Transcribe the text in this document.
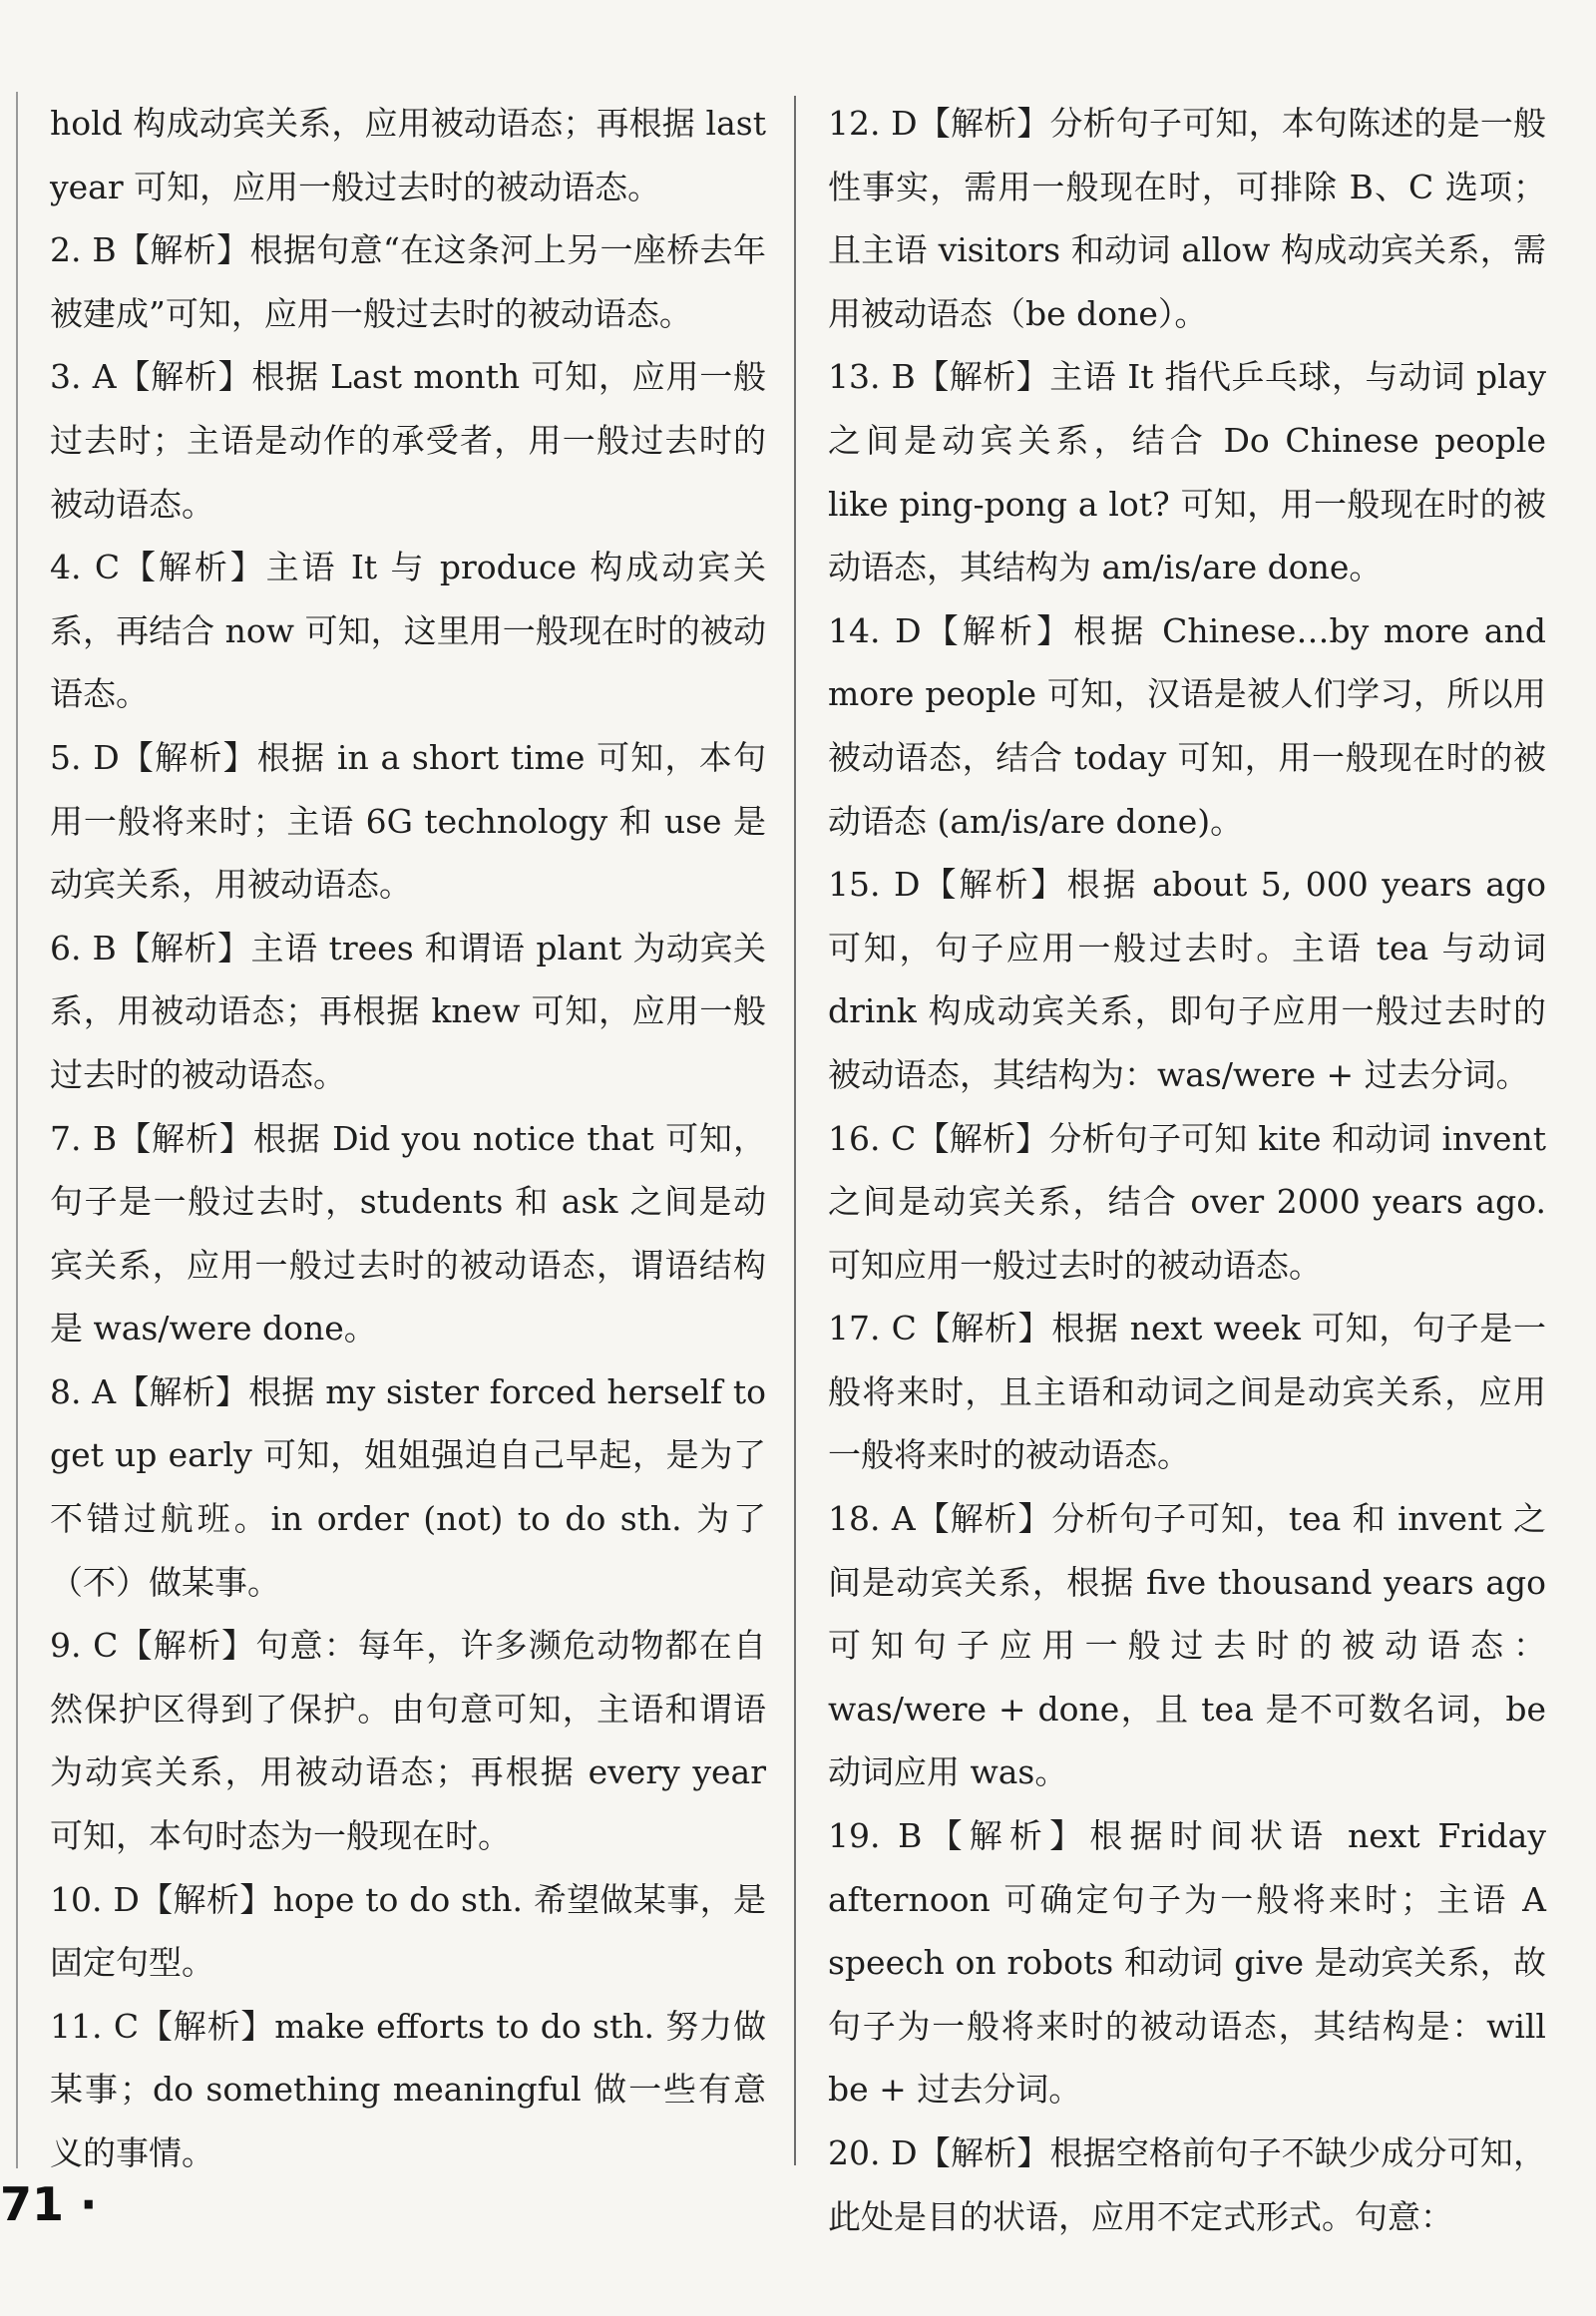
hold 构成动宾关系，应用被动语态；再根据 last year 可知，应用一般过去时的被动语态。

2. B【解析】根据句意“在这条河上另一座桥去年被建成”可知，应用一般过去时的被动语态。

3. A【解析】根据 Last month 可知，应用一般过去时；主语是动作的承受者，用一般过去时的被动语态。

4. C【解析】主语 It 与 produce 构成动宾关系，再结合 now 可知，这里用一般现在时的被动语态。

5. D【解析】根据 in a short time 可知，本句用一般将来时；主语 6G technology 和 use 是动宾关系，用被动语态。

6. B【解析】主语 trees 和谓语 plant 为动宾关系，用被动语态；再根据 knew 可知，应用一般过去时的被动语态。

7. B【解析】根据 Did you notice that 可知，句子是一般过去时，students 和 ask 之间是动宾关系，应用一般过去时的被动语态，谓语结构是 was/were done。

8. A【解析】根据 my sister forced herself to get up early 可知，姐姐强迫自己早起，是为了不错过航班。in order (not) to do sth. 为了（不）做某事。

9. C【解析】句意：每年，许多濒危动物都在自然保护区得到了保护。由句意可知，主语和谓语为动宾关系，用被动语态；再根据 every year 可知，本句时态为一般现在时。

10. D【解析】hope to do sth. 希望做某事，是固定句型。

11. C【解析】make efforts to do sth. 努力做某事；do something meaningful 做一些有意义的事情。

12. D【解析】分析句子可知，本句陈述的是一般性事实，需用一般现在时，可排除 B、C 选项；且主语 visitors 和动词 allow 构成动宾关系，需用被动语态（be done）。

13. B【解析】主语 It 指代乒乓球，与动词 play 之间是动宾关系，结合 Do Chinese people like ping-pong a lot? 可知，用一般现在时的被动语态，其结构为 am/is/are done。

14. D【解析】根据 Chinese…by more and more people 可知，汉语是被人们学习，所以用被动语态，结合 today 可知，用一般现在时的被动语态 (am/is/are done)。

15. D【解析】根据 about 5, 000 years ago 可知，句子应用一般过去时。主语 tea 与动词 drink 构成动宾关系，即句子应用一般过去时的被动语态，其结构为：was/were + 过去分词。

16. C【解析】分析句子可知 kite 和动词 invent 之间是动宾关系，结合 over 2000 years ago. 可知应用一般过去时的被动语态。

17. C【解析】根据 next week 可知，句子是一般将来时，且主语和动词之间是动宾关系，应用一般将来时的被动语态。

18. A【解析】分析句子可知，tea 和 invent 之间是动宾关系，根据 five thousand years ago 可知句子应用一般过去时的被动语态：was/were + done，且 tea 是不可数名词，be 动词应用 was。

19. B【解析】根据时间状语 next Friday afternoon 可确定句子为一般将来时；主语 A speech on robots 和动词 give 是动宾关系，故句子为一般将来时的被动语态，其结构是：will be + 过去分词。

20. D【解析】根据空格前句子不缺少成分可知，此处是目的状语，应用不定式形式。句意：

71 ·
